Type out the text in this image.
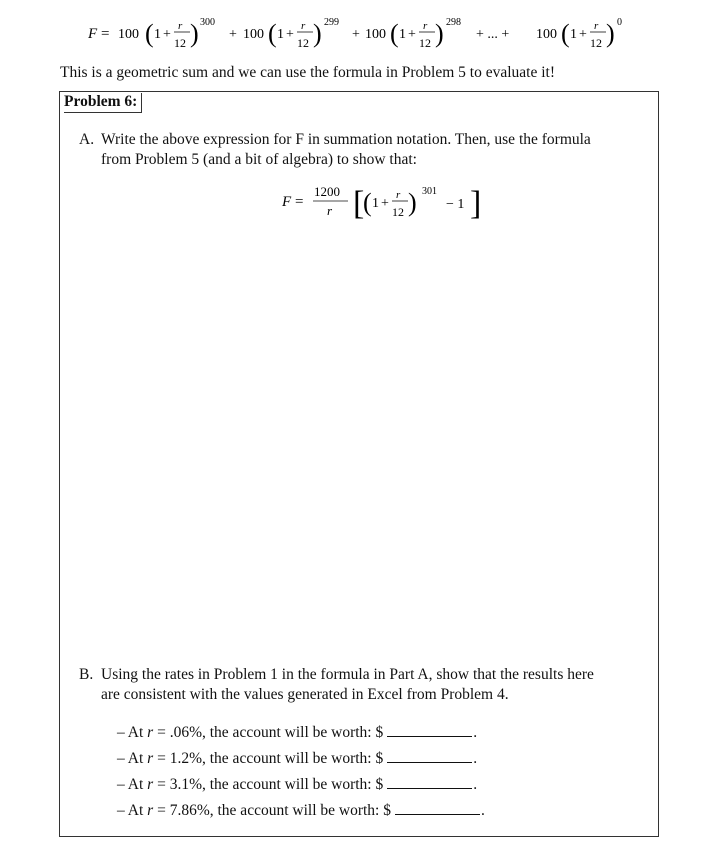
F = 100 ( 1 +
r
12 ) 300
+ 100 ( 1 +
r
12 ) 299
+ 100 ( 1 +
r
12 ) 298
+ ... + 100 ( 1 +
r
12 ) 0
This is a geometric sum and we can use the formula in Problem 5 to evaluate it!
Problem 6:
A. Write the above expression for F in summation notation. Then, use the formula
from Problem 5 (and a bit of algebra) to show that:
F =
1200
r [
( 1 +
r
12 ) 301
− 1 ]
B. Using the rates in Problem 1 in the formula in Part A, show that the results here
are consistent with the values generated in Excel from Problem 4.
– At r = .06%, the account will be worth: $	.
– At r = 1.2%, the account will be worth: $	.
– At r = 3.1%, the account will be worth: $	.
– At r = 7.86%, the account will be worth: $	.
